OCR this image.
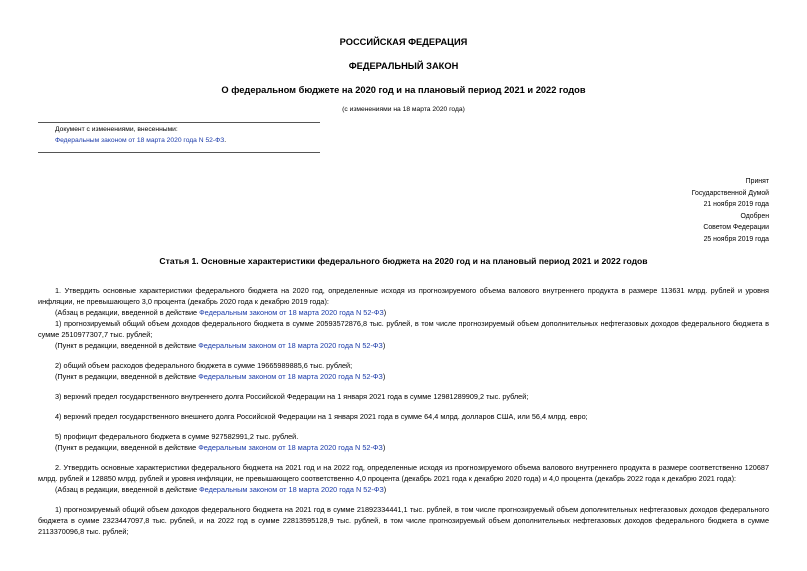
РОССИЙСКАЯ ФЕДЕРАЦИЯ
ФЕДЕРАЛЬНЫЙ ЗАКОН
О федеральном бюджете на 2020 год и на плановый период 2021 и 2022 годов
(с изменениями на 18 марта 2020 года)
Документ с изменениями, внесенными:
Федеральным законом от 18 марта 2020 года N 52-ФЗ.
Принят
Государственной Думой
21 ноября 2019 года
Одобрен
Советом Федерации
25 ноября 2019 года
Статья 1. Основные характеристики федерального бюджета на 2020 год и на плановый период 2021 и 2022 годов

1. Утвердить основные характеристики федерального бюджета на 2020 год, определенные исходя из прогнозируемого объема валового внутреннего продукта в размере 113631 млрд. рублей и уровня инфляции, не превышающего 3,0 процента (декабрь 2020 года к декабрю 2019 года):

(Абзац в редакции, введенной в действие Федеральным законом от 18 марта 2020 года N 52-ФЗ)

1) прогнозируемый общий объем доходов федерального бюджета в сумме 20593572876,8 тыс. рублей, в том числе прогнозируемый объем дополнительных нефтегазовых доходов федерального бюджета в сумме 2510977307,7 тыс. рублей;

(Пункт в редакции, введенной в действие Федеральным законом от 18 марта 2020 года N 52-ФЗ)

2) общий объем расходов федерального бюджета в сумме 19665989885,6 тыс. рублей;

(Пункт в редакции, введенной в действие Федеральным законом от 18 марта 2020 года N 52-ФЗ)

3) верхний предел государственного внутреннего долга Российской Федерации на 1 января 2021 года в сумме 12981289909,2 тыс. рублей;

4) верхний предел государственного внешнего долга Российской Федерации на 1 января 2021 года в сумме 64,4 млрд. долларов США, или 56,4 млрд. евро;

5) профицит федерального бюджета в сумме 927582991,2 тыс. рублей.

(Пункт в редакции, введенной в действие Федеральным законом от 18 марта 2020 года N 52-ФЗ)

2. Утвердить основные характеристики федерального бюджета на 2021 год и на 2022 год, определенные исходя из прогнозируемого объема валового внутреннего продукта в размере соответственно 120687 млрд. рублей и 128850 млрд. рублей и уровня инфляции, не превышающего соответственно 4,0 процента (декабрь 2021 года к декабрю 2020 года) и 4,0 процента (декабрь 2022 года к декабрю 2021 года):

(Абзац в редакции, введенной в действие Федеральным законом от 18 марта 2020 года N 52-ФЗ)

1) прогнозируемый общий объем доходов федерального бюджета на 2021 год в сумме 21892334441,1 тыс. рублей, в том числе прогнозируемый объем дополнительных нефтегазовых доходов федерального бюджета в сумме 2323447097,8 тыс. рублей, и на 2022 год в сумме 22813595128,9 тыс. рублей, в том числе прогнозируемый объем дополнительных нефтегазовых доходов федерального бюджета в сумме 2113370096,8 тыс. рублей;
